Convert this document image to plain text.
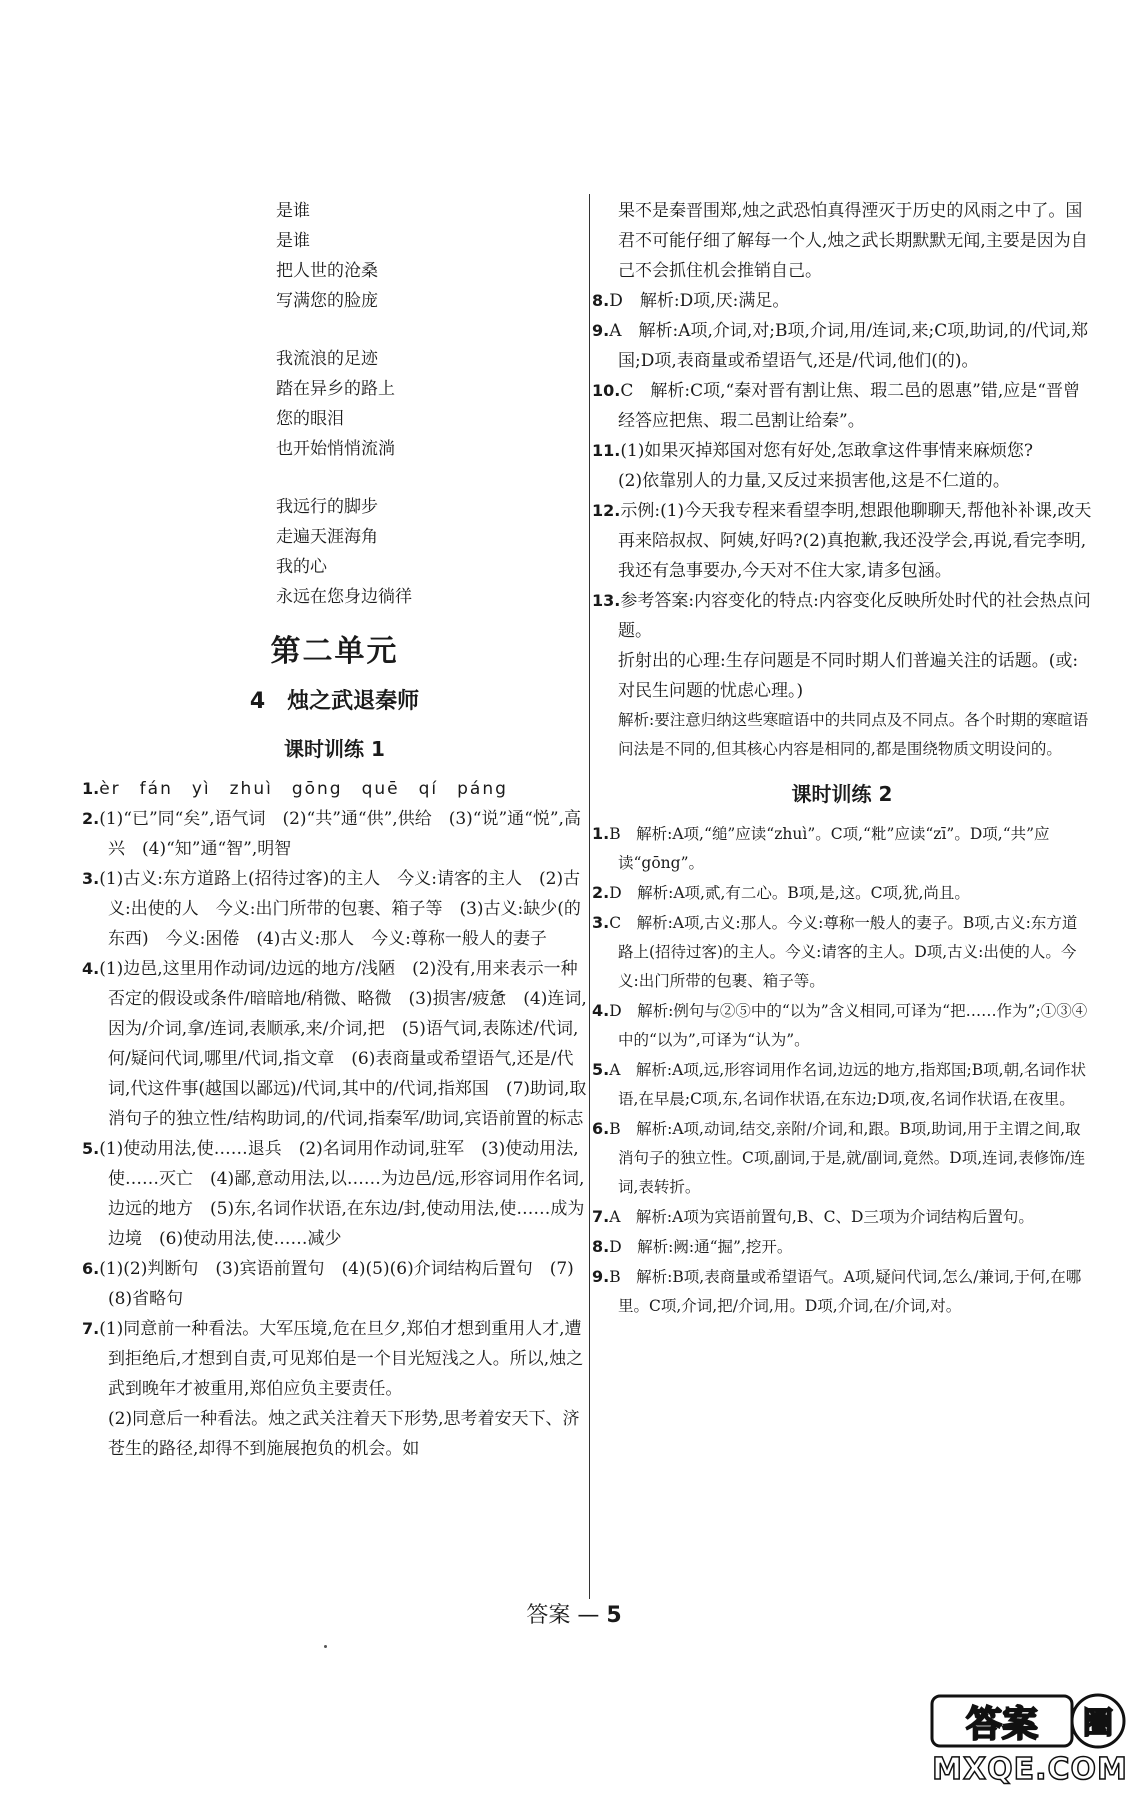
是谁
是谁
把人世的沧桑
写满您的脸庞
我流浪的足迹
踏在异乡的路上
您的眼泪
也开始悄悄流淌
我远行的脚步
走遍天涯海角
我的心
永远在您身边徜徉
第二单元
4　烛之武退秦师
课时训练 1

1.èr　fán　yì　zhuì　gōng　quē　qí　páng

2.(1)“已”同“矣”,语气词　(2)“共”通“供”,供给　(3)“说”通“悦”,高兴　(4)“知”通“智”,明智

3.(1)古义:东方道路上(招待过客)的主人　今义:请客的主人　(2)古义:出使的人　今义:出门所带的包裹、箱子等　(3)古义:缺少(的东西)　今义:困倦　(4)古义:那人　今义:尊称一般人的妻子

4.(1)边邑,这里用作动词/边远的地方/浅陋　(2)没有,用来表示一种否定的假设或条件/暗暗地/稍微、略微　(3)损害/疲惫　(4)连词,因为/介词,拿/连词,表顺承,来/介词,把　(5)语气词,表陈述/代词,何/疑问代词,哪里/代词,指文章　(6)表商量或希望语气,还是/代词,代这件事(越国以鄙远)/代词,其中的/代词,指郑国　(7)助词,取消句子的独立性/结构助词,的/代词,指秦军/助词,宾语前置的标志

5.(1)使动用法,使……退兵　(2)名词用作动词,驻军　(3)使动用法,使……灭亡　(4)鄙,意动用法,以……为边邑/远,形容词用作名词,边远的地方　(5)东,名词作状语,在东边/封,使动用法,使……成为边境　(6)使动用法,使……减少

6.(1)(2)判断句　(3)宾语前置句　(4)(5)(6)介词结构后置句　(7)(8)省略句

7.(1)同意前一种看法。大军压境,危在旦夕,郑伯才想到重用人才,遭到拒绝后,才想到自责,可见郑伯是一个目光短浅之人。所以,烛之武到晚年才被重用,郑伯应负主要责任。

(2)同意后一种看法。烛之武关注着天下形势,思考着安天下、济苍生的路径,却得不到施展抱负的机会。如

果不是秦晋围郑,烛之武恐怕真得湮灭于历史的风雨之中了。国君不可能仔细了解每一个人,烛之武长期默默无闻,主要是因为自己不会抓住机会推销自己。

8.D　解析:D项,厌:满足。

9.A　解析:A项,介词,对;B项,介词,用/连词,来;C项,助词,的/代词,郑国;D项,表商量或希望语气,还是/代词,他们(的)。

10.C　解析:C项,“秦对晋有割让焦、瑕二邑的恩惠”错,应是“晋曾经答应把焦、瑕二邑割让给秦”。

11.(1)如果灭掉郑国对您有好处,怎敢拿这件事情来麻烦您?

(2)依靠别人的力量,又反过来损害他,这是不仁道的。

12.示例:(1)今天我专程来看望李明,想跟他聊聊天,帮他补补课,改天再来陪叔叔、阿姨,好吗?(2)真抱歉,我还没学会,再说,看完李明,我还有急事要办,今天对不住大家,请多包涵。

13.参考答案:内容变化的特点:内容变化反映所处时代的社会热点问题。

折射出的心理:生存问题是不同时期人们普遍关注的话题。(或:对民生问题的忧虑心理。)

解析:要注意归纳这些寒暄语中的共同点及不同点。各个时期的寒暄语问法是不同的,但其核心内容是相同的,都是围绕物质文明设问的。

课时训练 2

1.B　解析:A项,“缒”应读“zhuì”。C项,“粃”应读“zī”。D项,“共”应读“gōng”。

2.D　解析:A项,贰,有二心。B项,是,这。C项,犹,尚且。

3.C　解析:A项,古义:那人。今义:尊称一般人的妻子。B项,古义:东方道路上(招待过客)的主人。今义:请客的主人。D项,古义:出使的人。今义:出门所带的包裹、箱子等。

4.D　解析:例句与②⑤中的“以为”含义相同,可译为“把……作为”;①③④中的“以为”,可译为“认为”。

5.A　解析:A项,远,形容词用作名词,边远的地方,指郑国;B项,朝,名词作状语,在早晨;C项,东,名词作状语,在东边;D项,夜,名词作状语,在夜里。

6.B　解析:A项,动词,结交,亲附/介词,和,跟。B项,助词,用于主谓之间,取消句子的独立性。C项,副词,于是,就/副词,竟然。D项,连词,表修饰/连词,表转折。

7.A　解析:A项为宾语前置句,B、C、D三项为介词结构后置句。

8.D　解析:阙:通“掘”,挖开。

9.B　解析:B项,表商量或希望语气。A项,疑问代词,怎么/兼词,于何,在哪里。C项,介词,把/介词,用。D项,介词,在/介词,对。

答案 — 5
答案 圈
MXQE.COM
